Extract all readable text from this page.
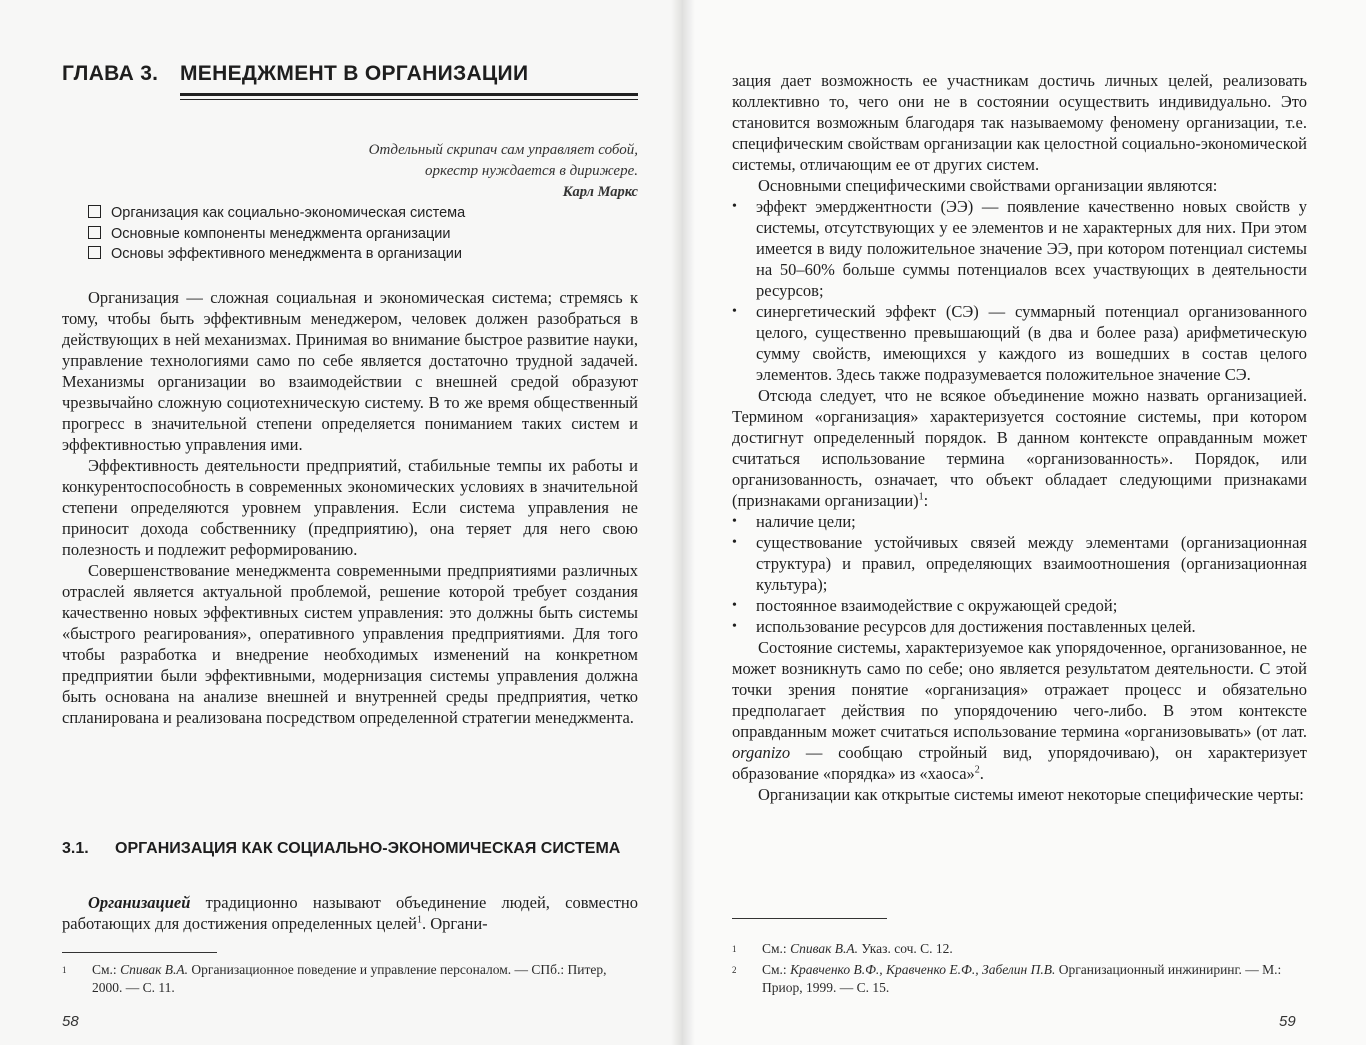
ГЛАВА 3. МЕНЕДЖМЕНТ В ОРГАНИЗАЦИИ
Отдельный скрипач сам управляет собой,
оркестр нуждается в дирижере.
Карл Маркс
Организация как социально-экономическая система
Основные компоненты менеджмента организации
Основы эффективного менеджмента в организации

Организация — сложная социальная и экономическая система; стремясь к тому, чтобы быть эффективным менеджером, человек должен разобраться в действующих в ней механизмах. Принимая во внимание быстрое развитие науки, управление технологиями само по себе является достаточно трудной задачей. Механизмы организации во взаимодействии с внешней средой образуют чрезвычайно сложную социотехническую систему. В то же время общественный прогресс в значительной степени определяется пониманием таких систем и эффективностью управления ими.

Эффективность деятельности предприятий, стабильные темпы их работы и конкурентоспособность в современных экономических условиях в значительной степени определяются уровнем управления. Если система управления не приносит дохода собственнику (предприятию), она теряет для него свою полезность и подлежит реформированию.

Совершенствование менеджмента современными предприятиями различных отраслей является актуальной проблемой, решение которой требует создания качественно новых эффективных систем управления: это должны быть системы «быстрого реагирования», оперативного управления предприятиями. Для того чтобы разработка и внедрение необходимых изменений на конкретном предприятии были эффективными, модернизация системы управления должна быть основана на анализе внешней и внутренней среды предприятия, четко спланирована и реализована посредством определенной стратегии менеджмента.

3.1. ОРГАНИЗАЦИЯ КАК СОЦИАЛЬНО-ЭКОНОМИЧЕСКАЯ СИСТЕМА

Организацией традиционно называют объединение людей, совместно работающих для достижения определенных целей$^1$. Органи-

1 См.: Спивак В.А. Организационное поведение и управление персоналом. — СПб.: Питер, 2000. — С. 11.
58

зация дает возможность ее участникам достичь личных целей, реализовать коллективно то, чего они не в состоянии осуществить индивидуально. Это становится возможным благодаря так называемому феномену организации, т.е. специфическим свойствам организации как целостной социально-экономической системы, отличающим ее от других систем.

Основными специфическими свойствами организации являются:

• эффект эмерджентности (ЭЭ) — появление качественно новых свойств у системы, отсутствующих у ее элементов и не характерных для них. При этом имеется в виду положительное значение ЭЭ, при котором потенциал системы на 50–60% больше суммы потенциалов всех участвующих в деятельности ресурсов;
• синергетический эффект (СЭ) — суммарный потенциал организованного целого, существенно превышающий (в два и более раза) арифметическую сумму свойств, имеющихся у каждого из вошедших в состав целого элементов. Здесь также подразумевается положительное значение СЭ.

Отсюда следует, что не всякое объединение можно назвать организацией. Термином «организация» характеризуется состояние системы, при котором достигнут определенный порядок. В данном контексте оправданным может считаться использование термина «организованность». Порядок, или организованность, означает, что объект обладает следующими признаками (признаками организации)$^1$:

• наличие цели;
• существование устойчивых связей между элементами (организационная структура) и правил, определяющих взаимоотношения (организационная культура);
• постоянное взаимодействие с окружающей средой;
• использование ресурсов для достижения поставленных целей.

Состояние системы, характеризуемое как упорядоченное, организованное, не может возникнуть само по себе; оно является результатом деятельности. С этой точки зрения понятие «организация» отражает процесс и обязательно предполагает действия по упорядочению чего-либо. В этом контексте оправданным может считаться использование термина «организовывать» (от лат. organizo — сообщаю стройный вид, упорядочиваю), он характеризует образование «порядка» из «хаоса»$^2$.

Организации как открытые системы имеют некоторые специфические черты:

1 См.: Спивак В.А. Указ. соч. С. 12.
2 См.: Кравченко В.Ф., Кравченко Е.Ф., Забелин П.В. Организационный инжиниринг. — М.: Приор, 1999. — С. 15.
59
